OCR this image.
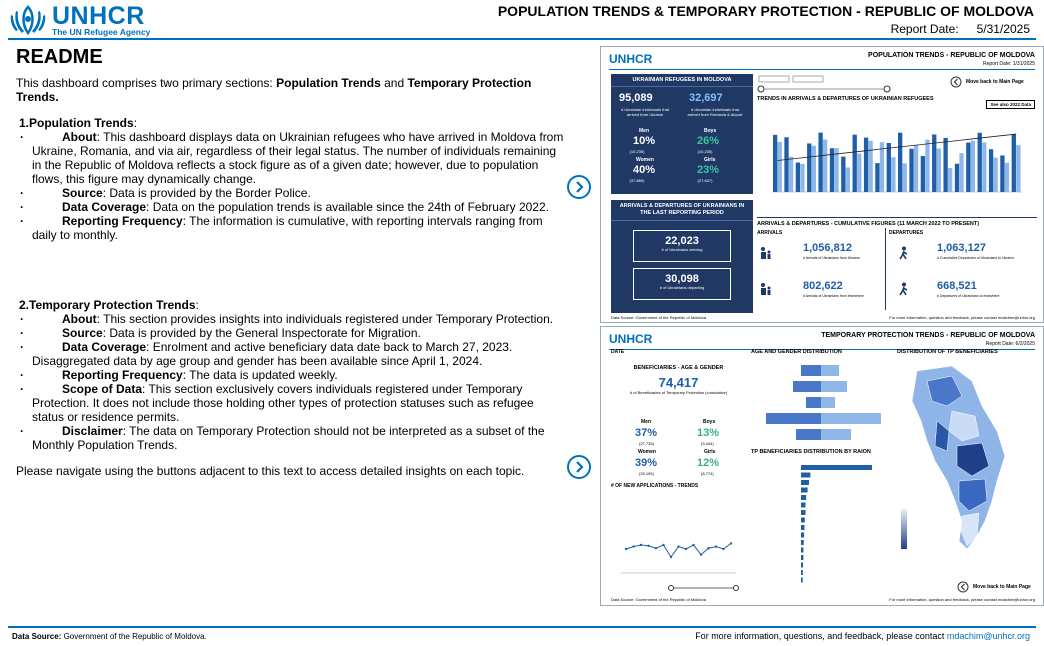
UNHCR
The UN Refugee Agency
POPULATION TRENDS & TEMPORARY PROTECTION - REPUBLIC OF MOLDOVA
Report Date: 5/31/2025
README
This dashboard comprises two primary sections: Population Trends and Temporary Protection Trends.
1.Population Trends:
· About: This dashboard displays data on Ukrainian refugees who have arrived in Moldova from Ukraine, Romania, and via air, regardless of their legal status. The number of individuals remaining in the Republic of Moldova reflects a stock figure as of a given date; however, due to population flows, this figure may dynamically change.
· Source: Data is provided by the Border Police.
· Data Coverage: Data on the population trends is available since the 24th of February 2022.
· Reporting Frequency: The information is cumulative, with reporting intervals ranging from daily to monthly.
2.Temporary Protection Trends:
· About: This section provides insights into individuals registered under Temporary Protection.
· Source: Data is provided by the General Inspectorate for Migration.
· Data Coverage: Enrolment and active beneficiary data date back to March 27, 2023. Disaggregated data by age group and gender has been available since April 1, 2024.
· Reporting Frequency: The data is updated weekly.
· Scope of Data: This section exclusively covers individuals registered under Temporary Protection. It does not include those holding other types of protection statuses such as refugee status or residence permits.
· Disclaimer: The data on Temporary Protection should not be interpreted as a subset of the Monthly Population Trends.
Please navigate using the buttons adjacent to this text to access detailed insights on each topic.
UNHCR	POPULATION TRENDS - REPUBLIC OF MOLDOVA
Report Date: 1/31/2025
UKRAINIAN REFUGEES IN MOLDOVA
95,089
# Ukrainian individuals that arrived from Ukraine
32,697
# Ukrainian individuals that arrived from Romania & Airport
Men
10%
(10,235)
Boys
26%
(10,235)
Women
40%
(37,880)
Girls
23%
(27,637)
ARRIVALS & DEPARTURES OF UKRAINIANS IN THE LAST REPORTING PERIOD
22,023
# of Ukrainians arriving
30,098
# of Ukrainians departing
Move back to Main Page
TRENDS IN ARRIVALS & DEPARTURES OF UKRAINIAN REFUGEES
See also 2022 Data
ARRIVALS & DEPARTURES - CUMULATIVE FIGURES (11 MARCH 2022 TO PRESENT)
ARRIVALS	DEPARTURES
1,056,812
# Arrivals of Ukrainians from Ukraine
802,622
# Arrivals of Ukrainians from elsewhere
1,063,127
# Cumulative Departures of Ukrainians to Ukraine
668,521
# Departures of Ukrainians to elsewhere
Data Source: Government of the Republic of Moldova	For more information, question and feedback, please contact mdachim@unhcr.org
UNHCR	TEMPORARY PROTECTION TRENDS - REPUBLIC OF MOLDOVA
Report Date: 6/2/2025
DATE
BENEFICIARIES - AGE & GENDER
74,417
# of Beneficiaries of Temporary Protection (cumulative)
Men
37%
(27,733)
Boys
13%
(9,444)
Women
39%
(29,155)
Girls
12%
(8,774)
# OF NEW APPLICATIONS - TRENDS
AGE AND GENDER DISTRIBUTION
TP BENEFICIARIES DISTRIBUTION BY RAION
DISTRIBUTION OF TP BENEFICIARIES
Move back to Main Page
Data Source: Government of the Republic of Moldova	For more information, question and feedback, please contact mdachim@unhcr.org
Data Source: Government of the Republic of Moldova.	For more information, questions, and feedback, please contact mdachim@unhcr.org
